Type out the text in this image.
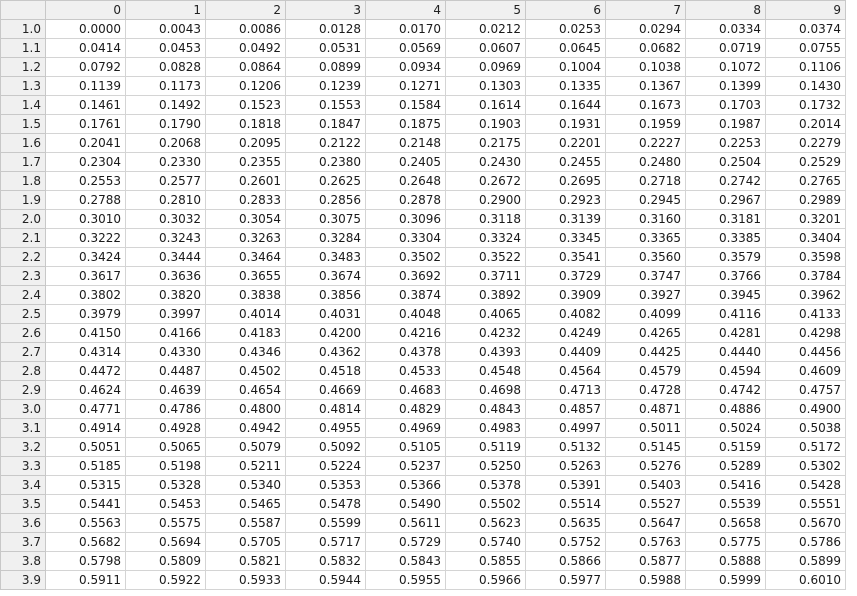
	0	1	2	3	4	5	6	7	8	9
1.0	0.0000	0.0043	0.0086	0.0128	0.0170	0.0212	0.0253	0.0294	0.0334	0.0374
1.1	0.0414	0.0453	0.0492	0.0531	0.0569	0.0607	0.0645	0.0682	0.0719	0.0755
1.2	0.0792	0.0828	0.0864	0.0899	0.0934	0.0969	0.1004	0.1038	0.1072	0.1106
1.3	0.1139	0.1173	0.1206	0.1239	0.1271	0.1303	0.1335	0.1367	0.1399	0.1430
1.4	0.1461	0.1492	0.1523	0.1553	0.1584	0.1614	0.1644	0.1673	0.1703	0.1732
1.5	0.1761	0.1790	0.1818	0.1847	0.1875	0.1903	0.1931	0.1959	0.1987	0.2014
1.6	0.2041	0.2068	0.2095	0.2122	0.2148	0.2175	0.2201	0.2227	0.2253	0.2279
1.7	0.2304	0.2330	0.2355	0.2380	0.2405	0.2430	0.2455	0.2480	0.2504	0.2529
1.8	0.2553	0.2577	0.2601	0.2625	0.2648	0.2672	0.2695	0.2718	0.2742	0.2765
1.9	0.2788	0.2810	0.2833	0.2856	0.2878	0.2900	0.2923	0.2945	0.2967	0.2989
2.0	0.3010	0.3032	0.3054	0.3075	0.3096	0.3118	0.3139	0.3160	0.3181	0.3201
2.1	0.3222	0.3243	0.3263	0.3284	0.3304	0.3324	0.3345	0.3365	0.3385	0.3404
2.2	0.3424	0.3444	0.3464	0.3483	0.3502	0.3522	0.3541	0.3560	0.3579	0.3598
2.3	0.3617	0.3636	0.3655	0.3674	0.3692	0.3711	0.3729	0.3747	0.3766	0.3784
2.4	0.3802	0.3820	0.3838	0.3856	0.3874	0.3892	0.3909	0.3927	0.3945	0.3962
2.5	0.3979	0.3997	0.4014	0.4031	0.4048	0.4065	0.4082	0.4099	0.4116	0.4133
2.6	0.4150	0.4166	0.4183	0.4200	0.4216	0.4232	0.4249	0.4265	0.4281	0.4298
2.7	0.4314	0.4330	0.4346	0.4362	0.4378	0.4393	0.4409	0.4425	0.4440	0.4456
2.8	0.4472	0.4487	0.4502	0.4518	0.4533	0.4548	0.4564	0.4579	0.4594	0.4609
2.9	0.4624	0.4639	0.4654	0.4669	0.4683	0.4698	0.4713	0.4728	0.4742	0.4757
3.0	0.4771	0.4786	0.4800	0.4814	0.4829	0.4843	0.4857	0.4871	0.4886	0.4900
3.1	0.4914	0.4928	0.4942	0.4955	0.4969	0.4983	0.4997	0.5011	0.5024	0.5038
3.2	0.5051	0.5065	0.5079	0.5092	0.5105	0.5119	0.5132	0.5145	0.5159	0.5172
3.3	0.5185	0.5198	0.5211	0.5224	0.5237	0.5250	0.5263	0.5276	0.5289	0.5302
3.4	0.5315	0.5328	0.5340	0.5353	0.5366	0.5378	0.5391	0.5403	0.5416	0.5428
3.5	0.5441	0.5453	0.5465	0.5478	0.5490	0.5502	0.5514	0.5527	0.5539	0.5551
3.6	0.5563	0.5575	0.5587	0.5599	0.5611	0.5623	0.5635	0.5647	0.5658	0.5670
3.7	0.5682	0.5694	0.5705	0.5717	0.5729	0.5740	0.5752	0.5763	0.5775	0.5786
3.8	0.5798	0.5809	0.5821	0.5832	0.5843	0.5855	0.5866	0.5877	0.5888	0.5899
3.9	0.5911	0.5922	0.5933	0.5944	0.5955	0.5966	0.5977	0.5988	0.5999	0.6010
